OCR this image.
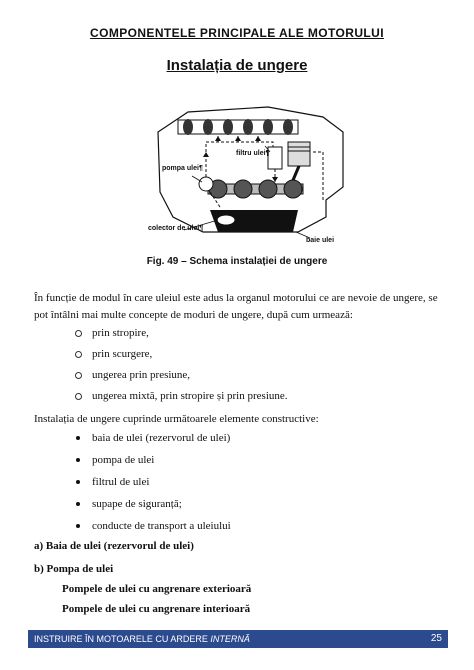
COMPONENTELE PRINCIPALE ALE MOTORULUI
Instalația de ungere
filtru ulei¶
pompa ulei¶
colector de ulei¶
baie ulei
Fig. 49 – Schema instalației de ungere
În funcție de modul în care uleiul este adus la organul motorului ce are nevoie de ungere, se pot întâlni mai multe concepte de moduri de ungere, după cum urmează:
prin stropire,
prin scurgere,
ungerea prin presiune,
ungerea mixtă, prin stropire și prin presiune.
Instalația de ungere cuprinde următoarele elemente constructive:
baia de ulei (rezervorul de ulei)
pompa de ulei
filtrul de ulei
supape de siguranță;
conducte de transport a uleiului
a) Baia de ulei (rezervorul de ulei)
b) Pompa de ulei
Pompele de ulei cu angrenare exterioară
Pompele de ulei cu angrenare interioară
INSTRUIRE ÎN MOTOARELE CU ARDERE INTERNĂ	25
